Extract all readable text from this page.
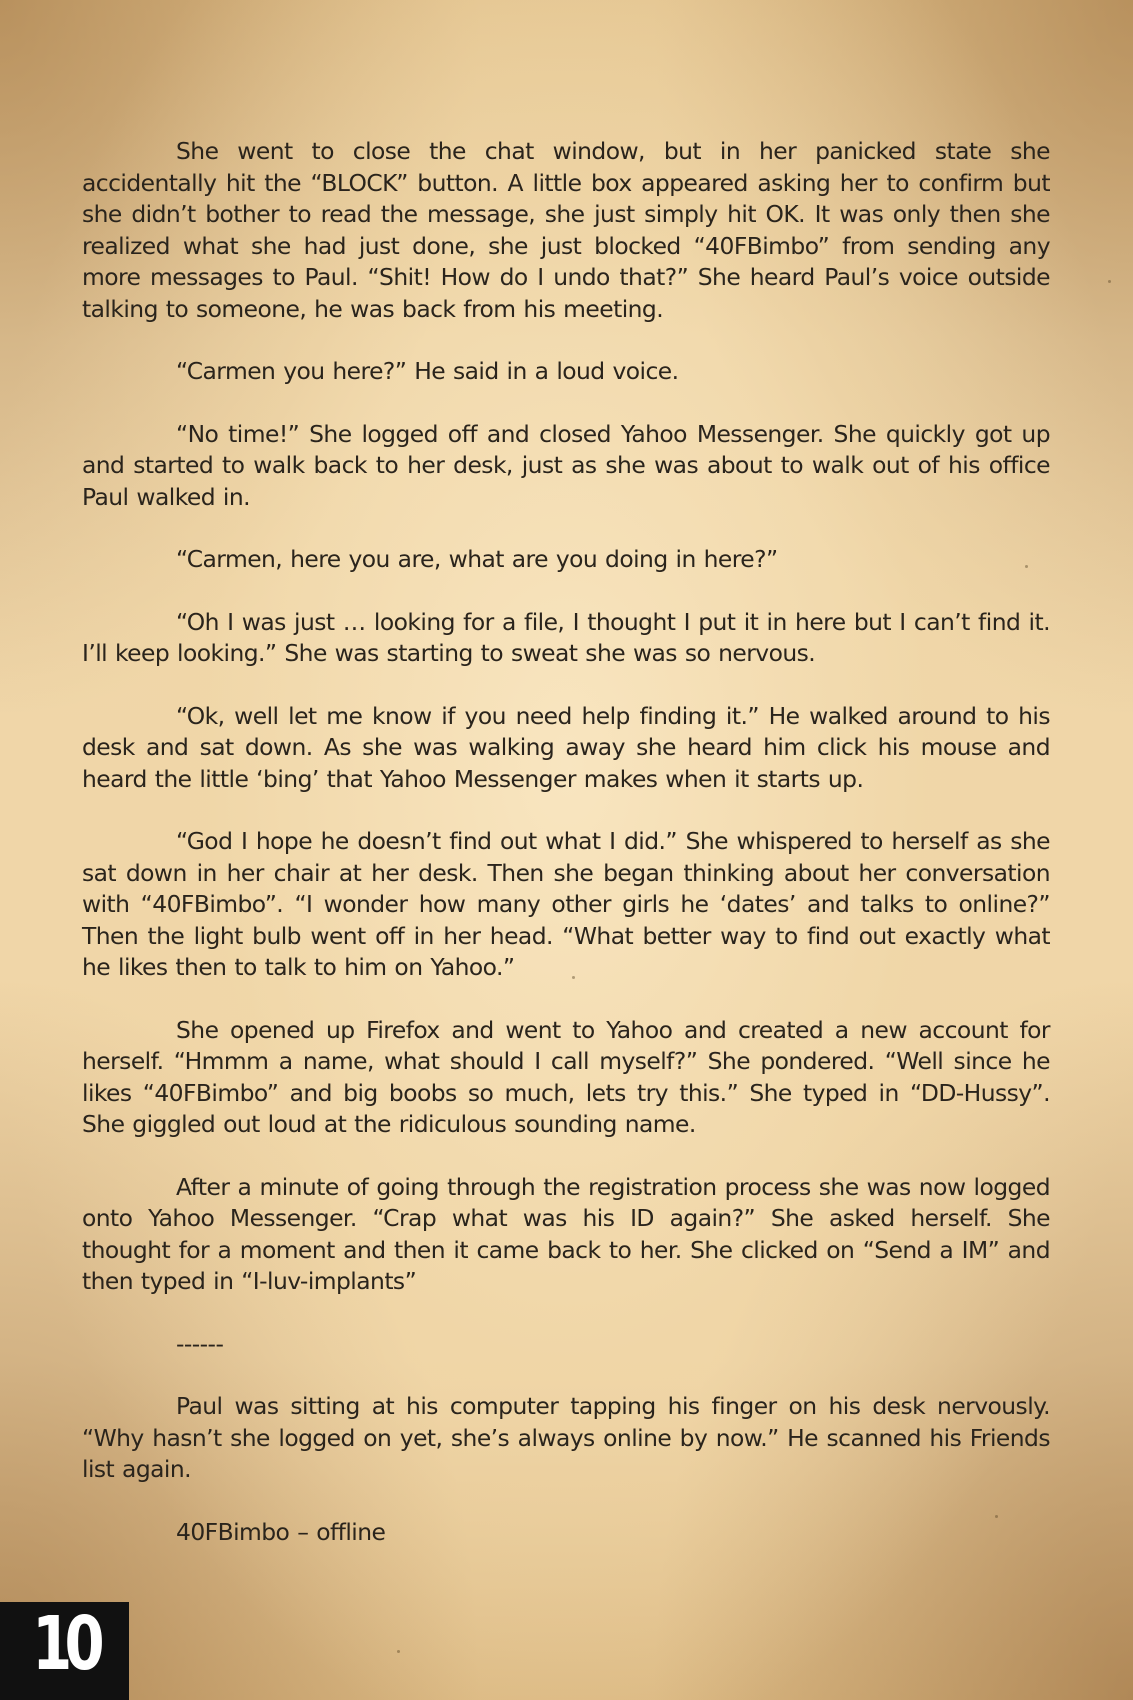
She went to close the chat window, but in her panicked state she accidentally hit the “BLOCK” button. A little box appeared asking her to confirm but she didn’t bother to read the message, she just simply hit OK. It was only then she realized what she had just done, she just blocked “40FBimbo” from sending any more messages to Paul. “Shit! How do I undo that?” She heard Paul’s voice outside talking to someone, he was back from his meeting.

“Carmen you here?” He said in a loud voice.

“No time!” She logged off and closed Yahoo Messenger. She quickly got up and started to walk back to her desk, just as she was about to walk out of his office Paul walked in.

“Carmen, here you are, what are you doing in here?”

“Oh I was just … looking for a file, I thought I put it in here but I can’t find it. I’ll keep looking.” She was starting to sweat she was so nervous.

“Ok, well let me know if you need help finding it.” He walked around to his desk and sat down. As she was walking away she heard him click his mouse and heard the little ‘bing’ that Yahoo Messenger makes when it starts up.

“God I hope he doesn’t find out what I did.” She whispered to herself as she sat down in her chair at her desk. Then she began thinking about her conversation with “40FBimbo”. “I wonder how many other girls he ‘dates’ and talks to online?” Then the light bulb went off in her head. “What better way to find out exactly what he likes then to talk to him on Yahoo.”

She opened up Firefox and went to Yahoo and created a new account for herself. “Hmmm a name, what should I call myself?” She pondered. “Well since he likes “40FBimbo” and big boobs so much, lets try this.” She typed in “DD-Hussy”. She giggled out loud at the ridiculous sounding name.

After a minute of going through the registration process she was now logged onto Yahoo Messenger. “Crap what was his ID again?” She asked herself. She thought for a moment and then it came back to her. She clicked on “Send a IM” and then typed in “I-luv-implants”

------

Paul was sitting at his computer tapping his finger on his desk nervously. “Why hasn’t she logged on yet, she’s always online by now.” He scanned his Friends list again.

40FBimbo – offline

10
